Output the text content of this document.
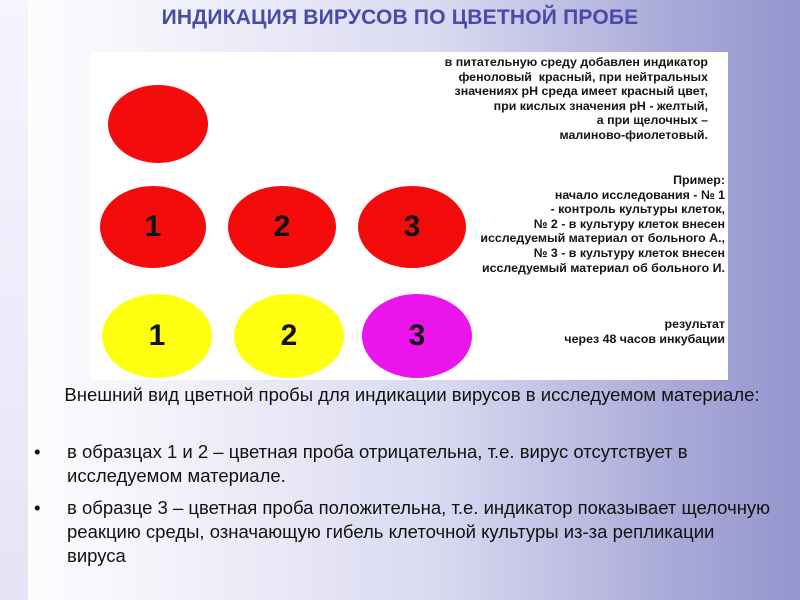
ИНДИКАЦИЯ ВИРУСОВ ПО ЦВЕТНОЙ ПРОБЕ
1	2	3
1	2	3
в питательную среду добавлен индикатор
феноловый  красный, при нейтральных
значениях рН среда имеет красный цвет,
при кислых значения рН - желтый,
а при щелочных –
малиново-фиолетовый.
Пример:
начало исследования - № 1
- контроль культуры клеток,
№ 2 - в культуру клеток внесен
исследуемый материал от больного А.,
№ 3 - в культуру клеток внесен
исследуемый материал об больного И.
результат
через 48 часов инкубации
Внешний вид цветной пробы для индикации вирусов в исследуемом материале:
• в образцах 1 и 2 – цветная проба отрицательна, т.е. вирус отсутствует в исследуемом материале.
• в образце 3 – цветная проба положительна, т.е. индикатор показывает щелочную реакцию среды, означающую гибель клеточной культуры из-за репликации вируса
